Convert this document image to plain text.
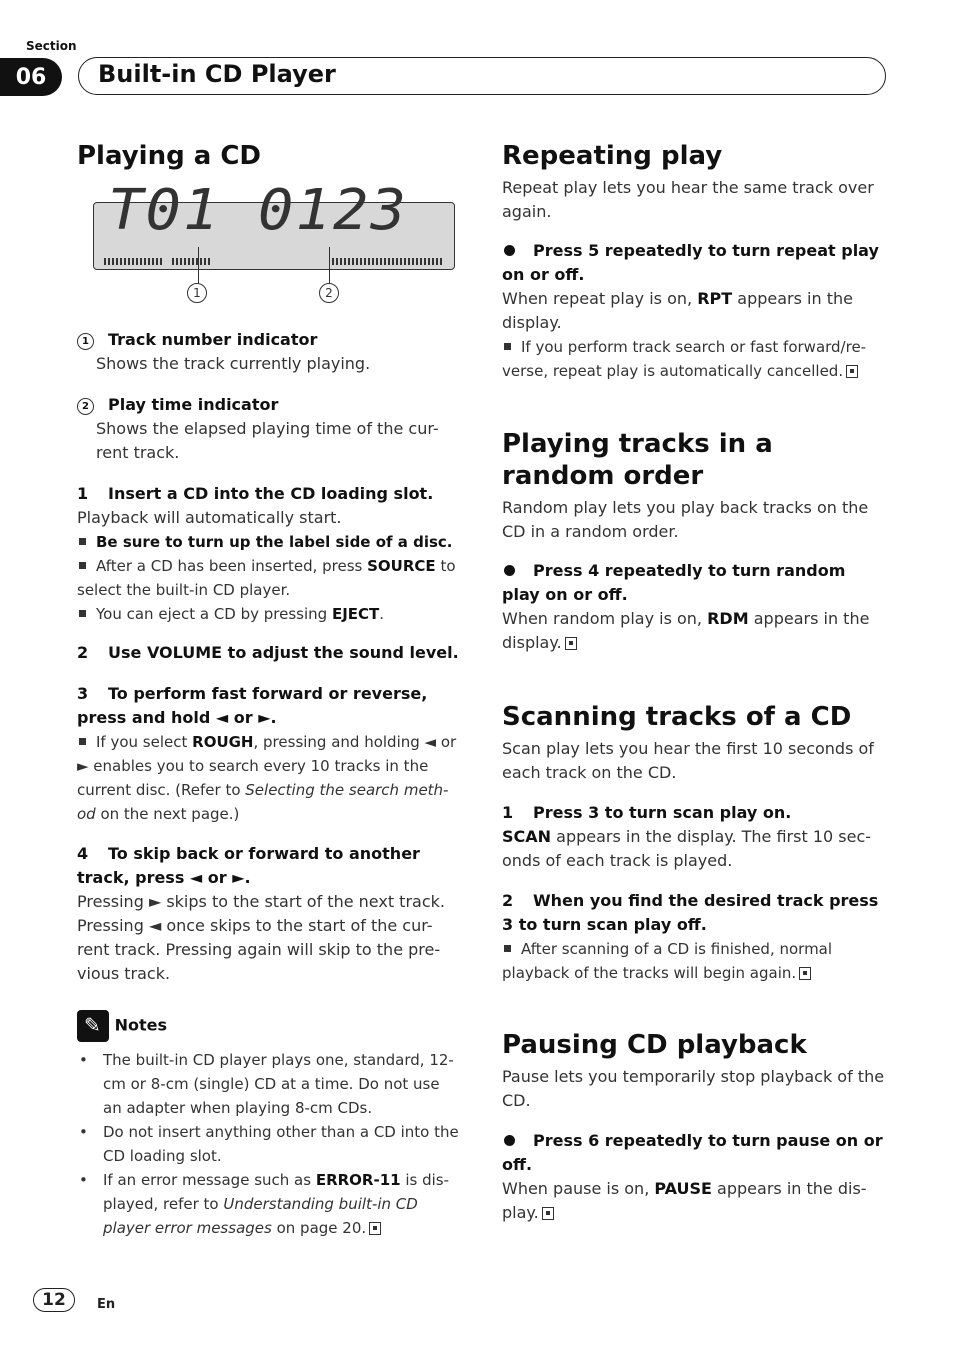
Section
06	Built-in CD Player
Playing a CD
T01 0123
1	2

1 Track number indicator

Shows the track currently playing.

2 Play time indicator

Shows the elapsed playing time of the cur-rent track.

1 Insert a CD into the CD loading slot.

Playback will automatically start.

Be sure to turn up the label side of a disc.

After a CD has been inserted, press SOURCE to select the built-in CD player.

You can eject a CD by pressing EJECT.

2 Use VOLUME to adjust the sound level.

3 To perform fast forward or reverse, press and hold ◄ or ►.

If you select ROUGH, pressing and holding ◄ or ► enables you to search every 10 tracks in the current disc. (Refer to Selecting the search meth-od on the next page.)

4 To skip back or forward to another track, press ◄ or ►.

Pressing ► skips to the start of the next track. Pressing ◄ once skips to the start of the cur-rent track. Pressing again will skip to the pre-vious track.

✎ Notes

• The built-in CD player plays one, standard, 12-cm or 8-cm (single) CD at a time. Do not use an adapter when playing 8-cm CDs.

• Do not insert anything other than a CD into the CD loading slot.

• If an error message such as ERROR-11 is dis-played, refer to Understanding built-in CD player error messages on page 20.

Repeating play

Repeat play lets you hear the same track over again.

Press 5 repeatedly to turn repeat play on or off.

When repeat play is on, RPT appears in the display.

If you perform track search or fast forward/re-verse, repeat play is automatically cancelled.

Playing tracks in a random order

Random play lets you play back tracks on the CD in a random order.

Press 4 repeatedly to turn random play on or off.

When random play is on, RDM appears in the display.

Scanning tracks of a CD

Scan play lets you hear the first 10 seconds of each track on the CD.

1 Press 3 to turn scan play on.

SCAN appears in the display. The first 10 sec-onds of each track is played.

2 When you find the desired track press 3 to turn scan play off.

After scanning of a CD is finished, normal playback of the tracks will begin again.

Pausing CD playback

Pause lets you temporarily stop playback of the CD.

Press 6 repeatedly to turn pause on or off.

When pause is on, PAUSE appears in the dis-play.

12	En
